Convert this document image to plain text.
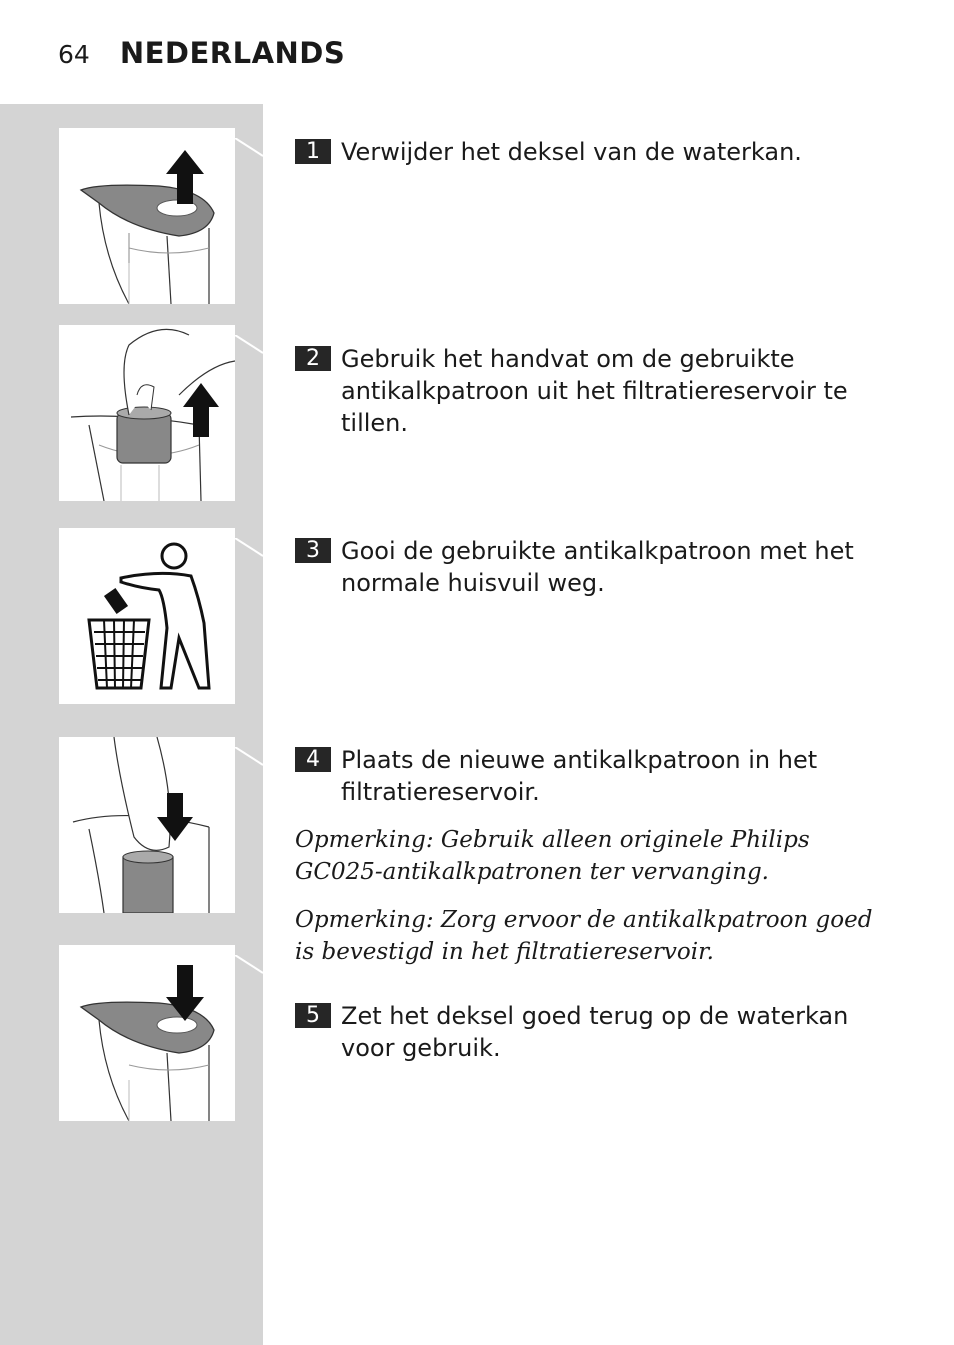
64 NEDERLANDS
1 Verwijder het deksel van de waterkan.
2 Gebruik het handvat om de gebruikte antikalkpatroon uit het filtratiereservoir te tillen.
3 Gooi de gebruikte antikalkpatroon met het normale huisvuil weg.
4 Plaats de nieuwe antikalkpatroon in het filtratiereservoir.

Opmerking: Gebruik alleen originele Philips GC025-antikalkpatronen ter vervanging.

Opmerking: Zorg ervoor de antikalkpatroon goed is bevestigd in het filtratiereservoir.

5 Zet het deksel goed terug op de waterkan voor gebruik.
